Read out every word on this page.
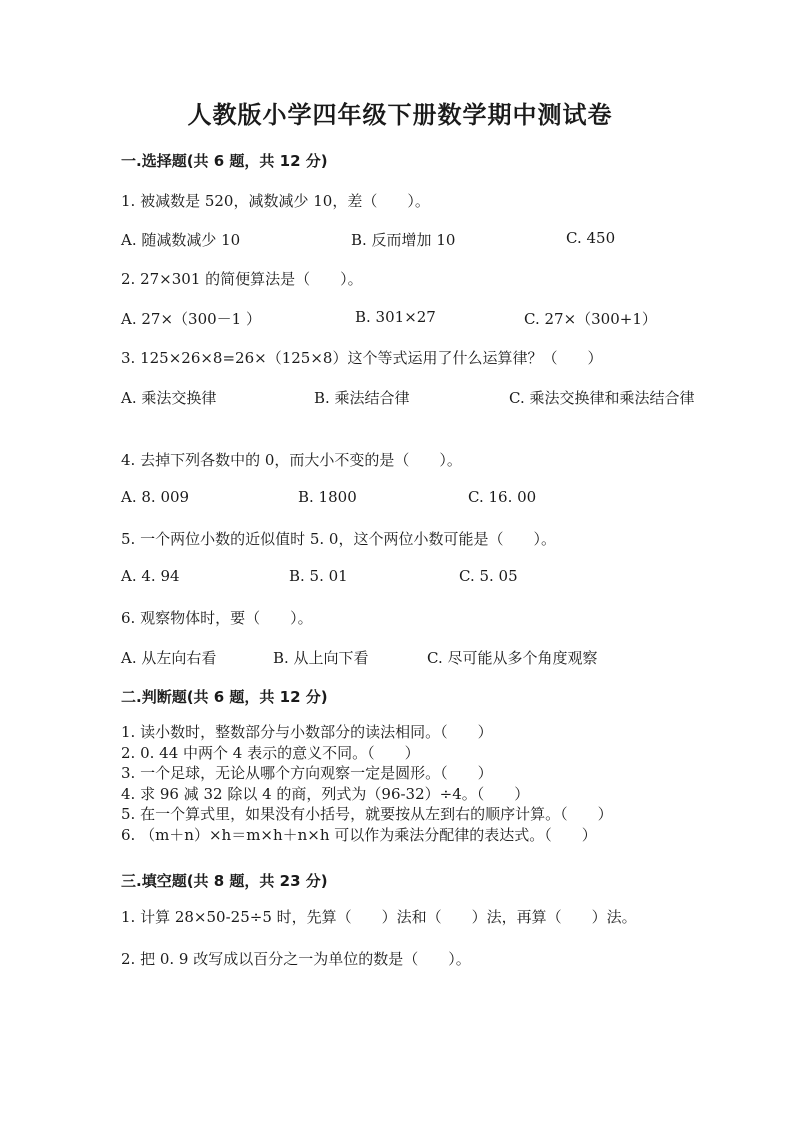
人教版小学四年级下册数学期中测试卷
一.选择题(共 6 题，共 12 分)
1. 被减数是 520，减数减少 10，差（　　）。
A. 随减数减少 10	B. 反而增加 10	C. 450
2. 27×301 的简便算法是（　　）。
A. 27×（300－1 ）	B. 301×27	C. 27×（300+1）
3. 125×26×8=26×（125×8）这个等式运用了什么运算律？（　　）
A. 乘法交换律	B. 乘法结合律	C. 乘法交换律和乘法结合律
4. 去掉下列各数中的 0，而大小不变的是（　　）。
A. 8. 009	B. 1800	C. 16. 00
5. 一个两位小数的近似值时 5. 0，这个两位小数可能是（　　）。
A. 4. 94	B. 5. 01	C. 5. 05
6. 观察物体时，要（　　）。
A. 从左向右看	B. 从上向下看	C. 尽可能从多个角度观察
二.判断题(共 6 题，共 12 分)
1. 读小数时，整数部分与小数部分的读法相同。（　　）
2. 0. 44 中两个 4 表示的意义不同。（　　）
3. 一个足球，无论从哪个方向观察一定是圆形。（　　）
4. 求 96 减 32 除以 4 的商，列式为（96-32）÷4。（　　）
5. 在一个算式里，如果没有小括号，就要按从左到右的顺序计算。（　　）
6. （m＋n）×h＝m×h＋n×h 可以作为乘法分配律的表达式。（　　）
三.填空题(共 8 题，共 23 分)
1. 计算 28×50-25÷5 时，先算（　　）法和（　　）法，再算（　　）法。
2. 把 0. 9 改写成以百分之一为单位的数是（　　）。
